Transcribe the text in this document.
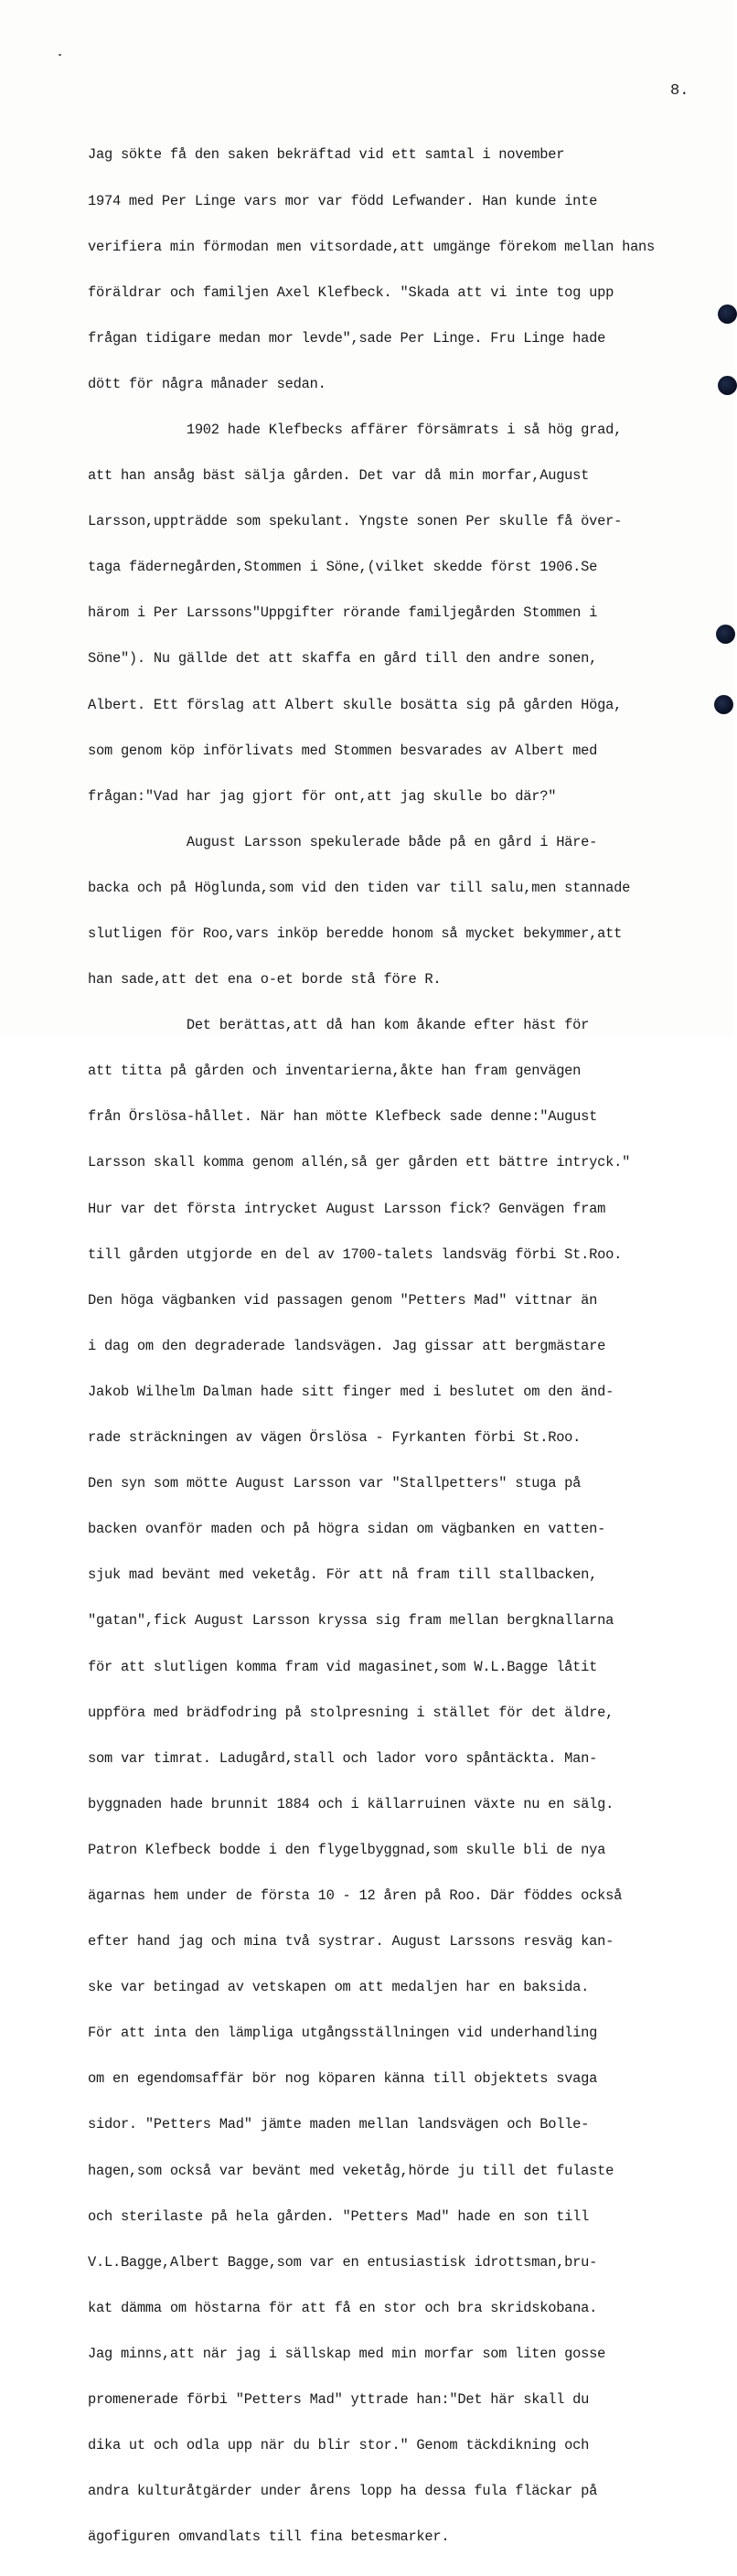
8.

Jag sökte få den saken bekräftad vid ett samtal i november

1974 med Per Linge vars mor var född Lefwander. Han kunde inte

verifiera min förmodan men vitsordade,att umgänge förekom mellan hans

föräldrar och familjen Axel Klefbeck. "Skada att vi inte tog upp

frågan tidigare medan mor levde",sade Per Linge. Fru Linge hade

dött för några månader sedan.

1902 hade Klefbecks affärer försämrats i så hög grad,

att han ansåg bäst sälja gården. Det var då min morfar,August

Larsson,uppträdde som spekulant. Yngste sonen Per skulle få över-

taga fädernegården,Stommen i Söne,(vilket skedde först 1906.Se

härom i Per Larssons"Uppgifter rörande familjegården Stommen i

Söne"). Nu gällde det att skaffa en gård till den andre sonen,

Albert. Ett förslag att Albert skulle bosätta sig på gården Höga,

som genom köp införlivats med Stommen besvarades av Albert med

frågan:"Vad har jag gjort för ont,att jag skulle bo där?"

August Larsson spekulerade både på en gård i Häre-

backa och på Höglunda,som vid den tiden var till salu,men stannade

slutligen för Roo,vars inköp beredde honom så mycket bekymmer,att

han sade,att det ena o-et borde stå före R.

Det berättas,att då han kom åkande efter häst för

att titta på gården och inventarierna,åkte han fram genvägen

från Örslösa-hållet. När han mötte Klefbeck sade denne:"August

Larsson skall komma genom allén,så ger gården ett bättre intryck."

Hur var det första intrycket August Larsson fick? Genvägen fram

till gården utgjorde en del av 1700-talets landsväg förbi St.Roo.

Den höga vägbanken vid passagen genom "Petters Mad" vittnar än

i dag om den degraderade landsvägen. Jag gissar att bergmästare

Jakob Wilhelm Dalman hade sitt finger med i beslutet om den änd-

rade sträckningen av vägen Örslösa - Fyrkanten förbi St.Roo.

Den syn som mötte August Larsson var "Stallpetters" stuga på

backen ovanför maden och på högra sidan om vägbanken en vatten-

sjuk mad bevänt med veketåg. För att nå fram till stallbacken,

"gatan",fick August Larsson kryssa sig fram mellan bergknallarna

för att slutligen komma fram vid magasinet,som W.L.Bagge låtit

uppföra med brädfodring på stolpresning i stället för det äldre,

som var timrat. Ladugård,stall och lador voro spåntäckta. Man-

byggnaden hade brunnit 1884 och i källarruinen växte nu en sälg.

Patron Klefbeck bodde i den flygelbyggnad,som skulle bli de nya

ägarnas hem under de första 10 - 12 åren på Roo. Där föddes också

efter hand jag och mina två systrar. August Larssons resväg kan-

ske var betingad av vetskapen om att medaljen har en baksida.

För att inta den lämpliga utgångsställningen vid underhandling

om en egendomsaffär bör nog köparen känna till objektets svaga

sidor. "Petters Mad" jämte maden mellan landsvägen och Bolle-

hagen,som också var bevänt med veketåg,hörde ju till det fulaste

och sterilaste på hela gården. "Petters Mad" hade en son till

V.L.Bagge,Albert Bagge,som var en entusiastisk idrottsman,bru-

kat dämma om höstarna för att få en stor och bra skridskobana.

Jag minns,att när jag i sällskap med min morfar som liten gosse

promenerade förbi "Petters Mad" yttrade han:"Det här skall du

dika ut och odla upp när du blir stor." Genom täckdikning och

andra kulturåtgärder under årens lopp ha dessa fula fläckar på

ägofiguren omvandlats till fina betesmarker.
